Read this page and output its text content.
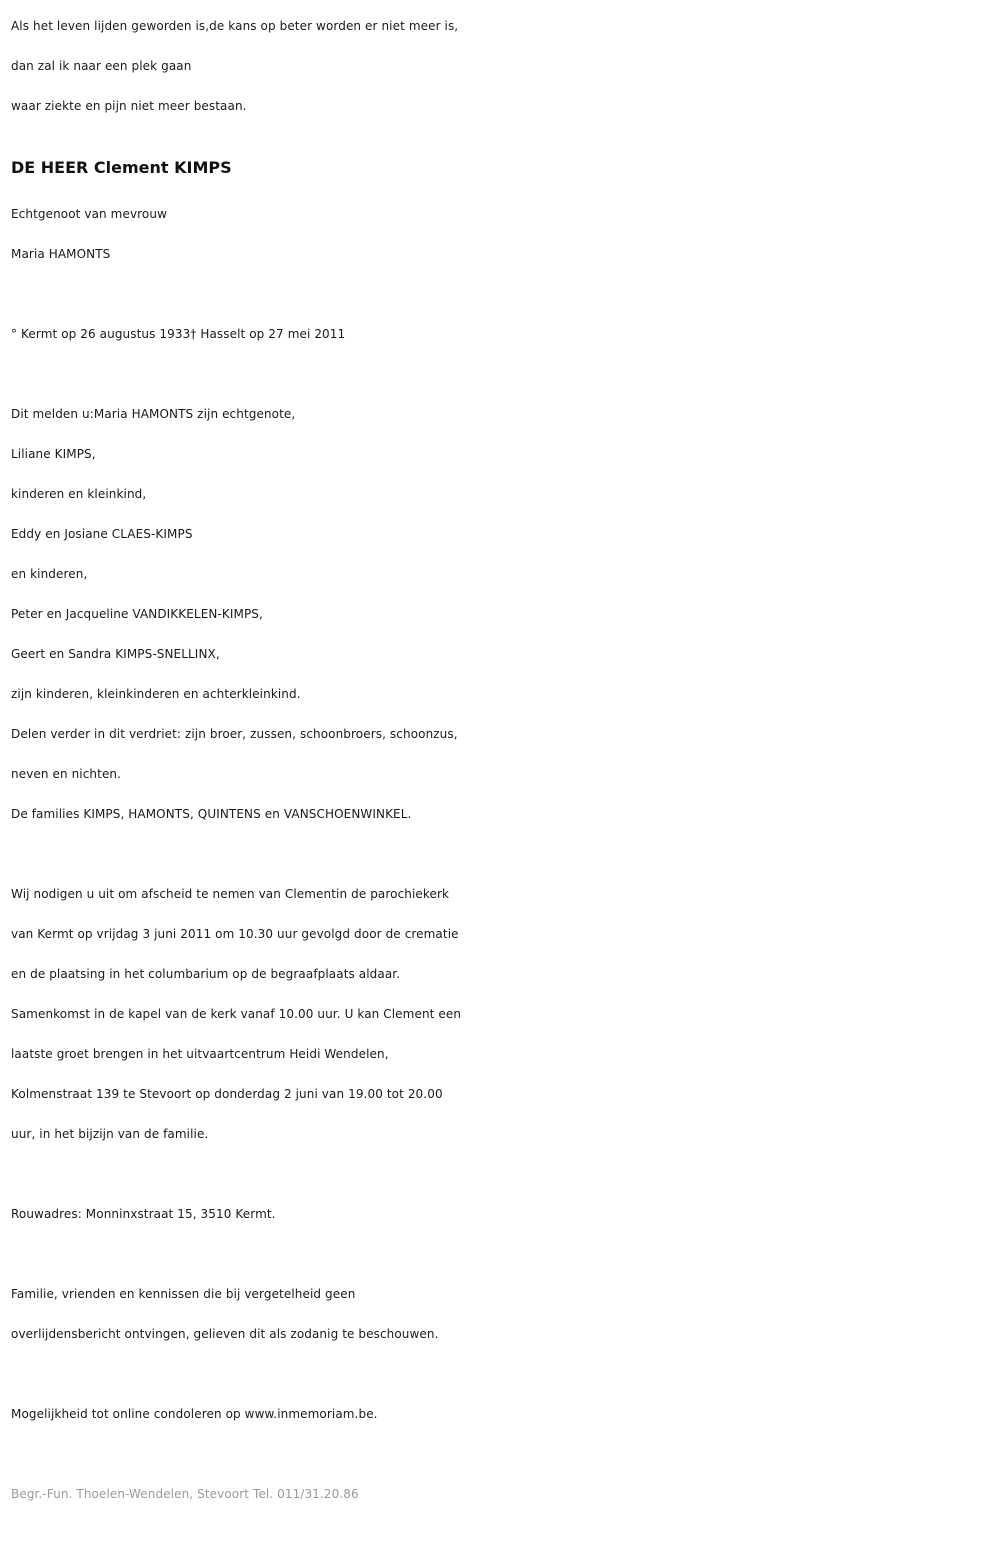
Als het leven lijden geworden is,de kans op beter worden er niet meer is,
dan zal ik naar een plek gaan
waar ziekte en pijn niet meer bestaan.
DE HEER Clement KIMPS
Echtgenoot van mevrouw
Maria HAMONTS
° Kermt op 26 augustus 1933† Hasselt op 27 mei 2011
Dit melden u:Maria HAMONTS zijn echtgenote,
Liliane KIMPS,
kinderen en kleinkind,
Eddy en Josiane CLAES-KIMPS
en kinderen,
Peter en Jacqueline VANDIKKELEN-KIMPS,
Geert en Sandra KIMPS-SNELLINX,
zijn kinderen, kleinkinderen en achterkleinkind.
Delen verder in dit verdriet: zijn broer, zussen, schoonbroers, schoonzus,
neven en nichten.
De families KIMPS, HAMONTS, QUINTENS en VANSCHOENWINKEL.
Wij nodigen u uit om afscheid te nemen van Clementin de parochiekerk
van Kermt op vrijdag 3 juni 2011 om 10.30 uur gevolgd door de crematie
en de plaatsing in het columbarium op de begraafplaats aldaar.
Samenkomst in de kapel van de kerk vanaf 10.00 uur. U kan Clement een
laatste groet brengen in het uitvaartcentrum Heidi Wendelen,
Kolmenstraat 139 te Stevoort op donderdag 2 juni van 19.00 tot 20.00
uur, in het bijzijn van de familie.
Rouwadres: Monninxstraat 15, 3510 Kermt.
Familie, vrienden en kennissen die bij vergetelheid geen
overlijdensbericht ontvingen, gelieven dit als zodanig te beschouwen.
Mogelijkheid tot online condoleren op www.inmemoriam.be.
Begr.-Fun. Thoelen-Wendelen, Stevoort Tel. 011/31.20.86
